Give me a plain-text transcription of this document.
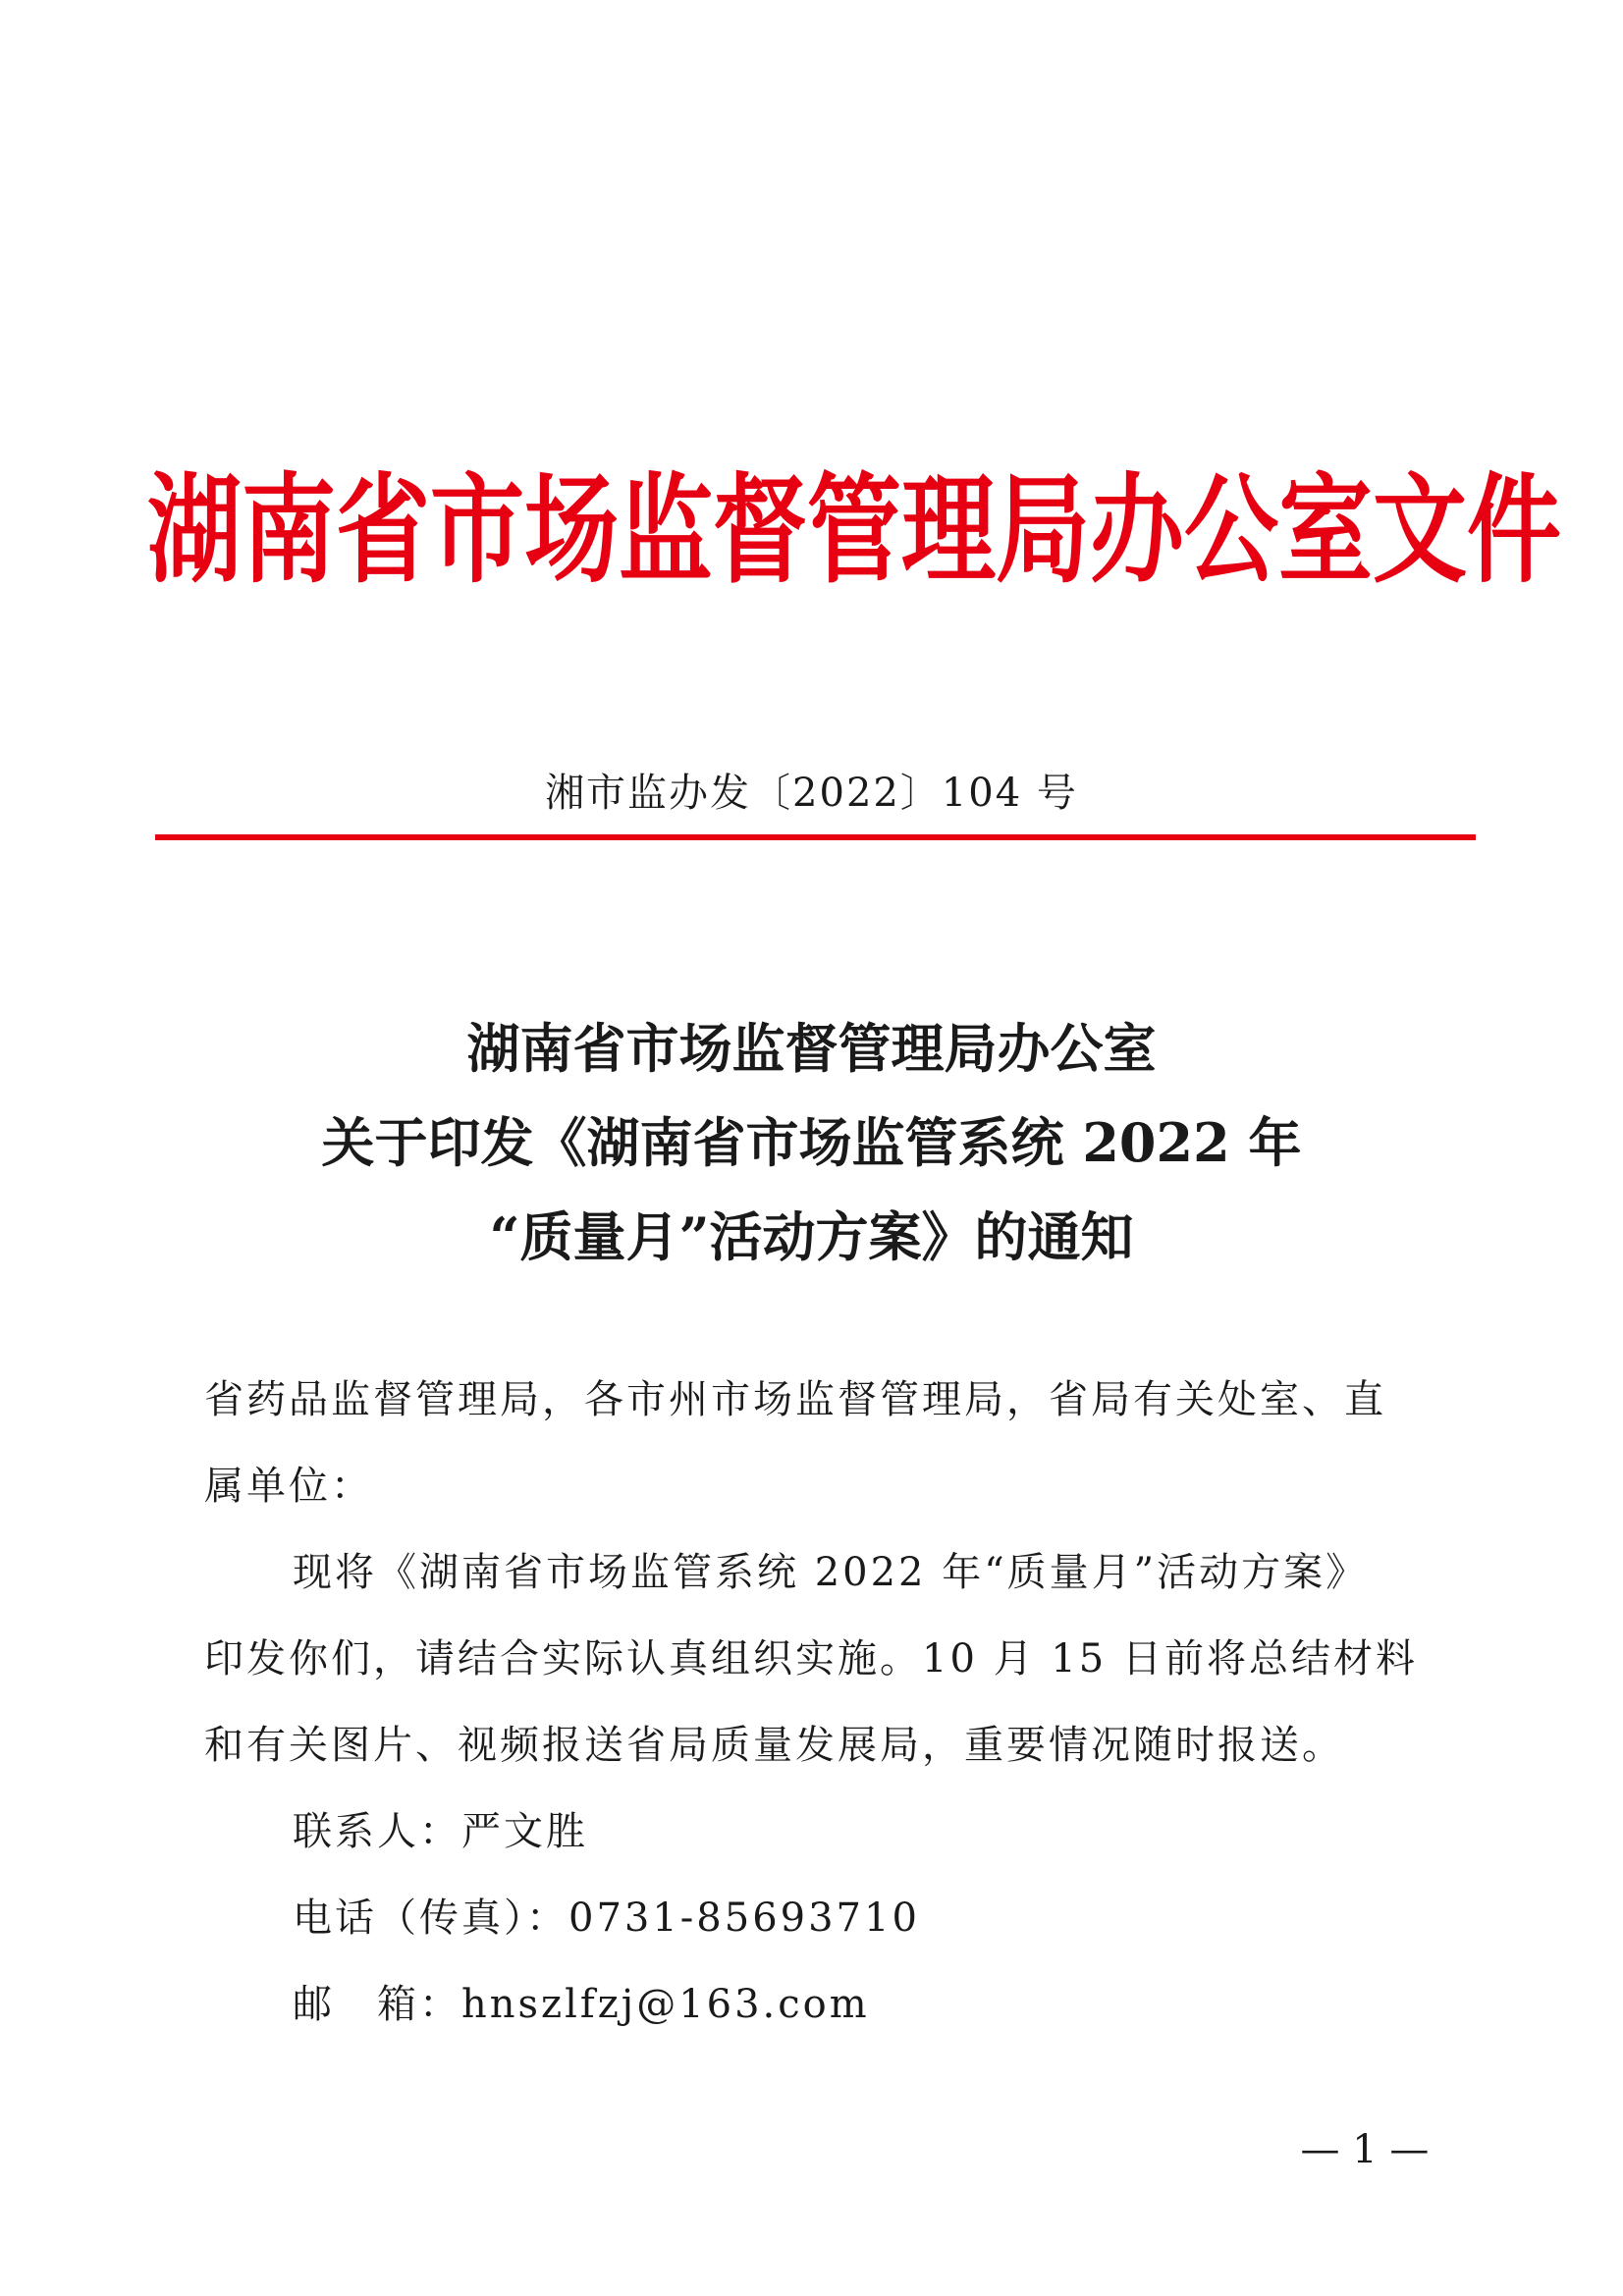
湖南省市场监督管理局办公室文件
湘市监办发〔2022〕104 号
湖南省市场监督管理局办公室
关于印发《湖南省市场监管系统 2022 年
“质量月”活动方案》的通知

省药品监督管理局，各市州市场监督管理局，省局有关处室、直

属单位：

现将《湖南省市场监管系统 2022 年“质量月”活动方案》

印发你们，请结合实际认真组织实施。10 月 15 日前将总结材料

和有关图片、视频报送省局质量发展局，重要情况随时报送。

联系人：严文胜

电话（传真）：0731-85693710

邮　箱：hnszlfzj@163.com

— 1 —
